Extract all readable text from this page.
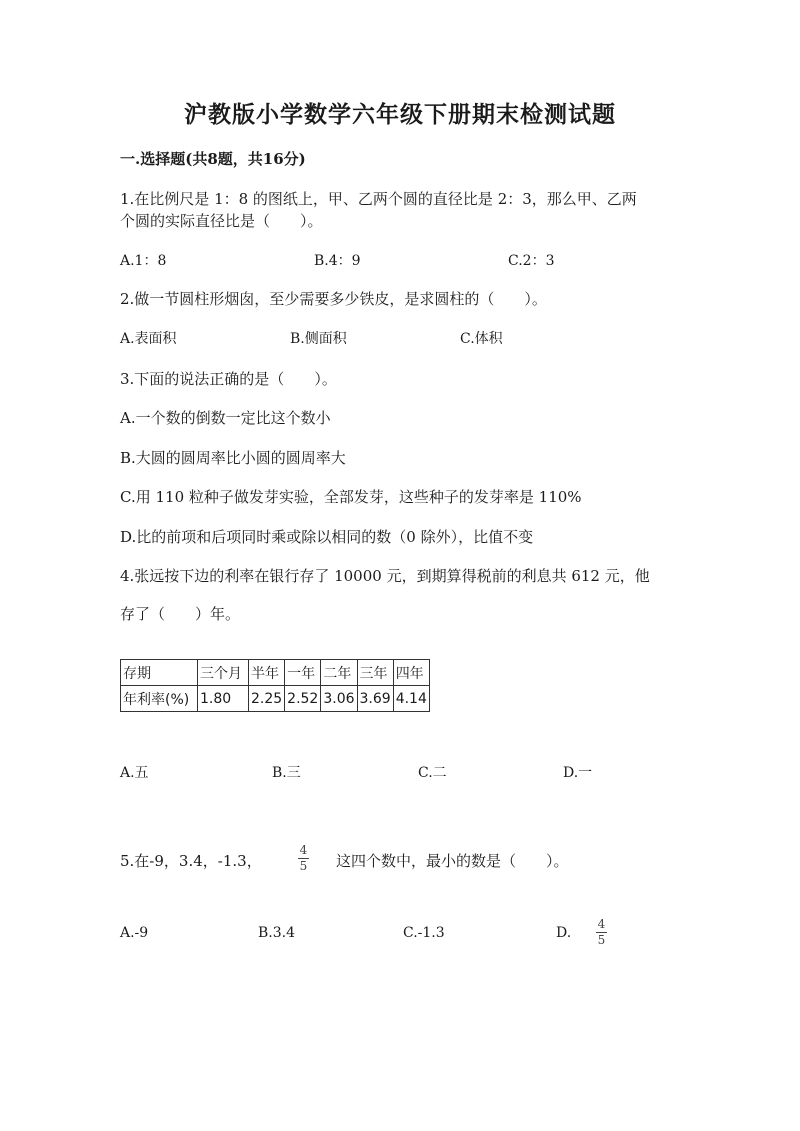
沪教版小学数学六年级下册期末检测试题
一.选择题(共8题，共16分)
1.在比例尺是 1：8 的图纸上，甲、乙两个圆的直径比是 2：3，那么甲、乙两
个圆的实际直径比是（　　）。
A.1：8	B.4：9	C.2：3
2.做一节圆柱形烟囱，至少需要多少铁皮，是求圆柱的（　　）。
A.表面积	B.侧面积	C.体积
3.下面的说法正确的是（　　）。
A.一个数的倒数一定比这个数小
B.大圆的圆周率比小圆的圆周率大
C.用 110 粒种子做发芽实验，全部发芽，这些种子的发芽率是 110%
D.比的前项和后项同时乘或除以相同的数（0 除外），比值不变
4.张远按下边的利率在银行存了 10000 元，到期算得税前的利息共 612 元，他
存了（　　）年。
存期	三个月	半年	一年	二年	三年	四年
年利率(%)	1.80	2.25	2.52	3.06	3.69	4.14
A.五	B.三	C.二	D.一
5.在-9，3.4，-1.3，
4
5 这四个数中，最小的数是（　　）。
A.-9	B.3.4	C.-1.3	D.
4
5
